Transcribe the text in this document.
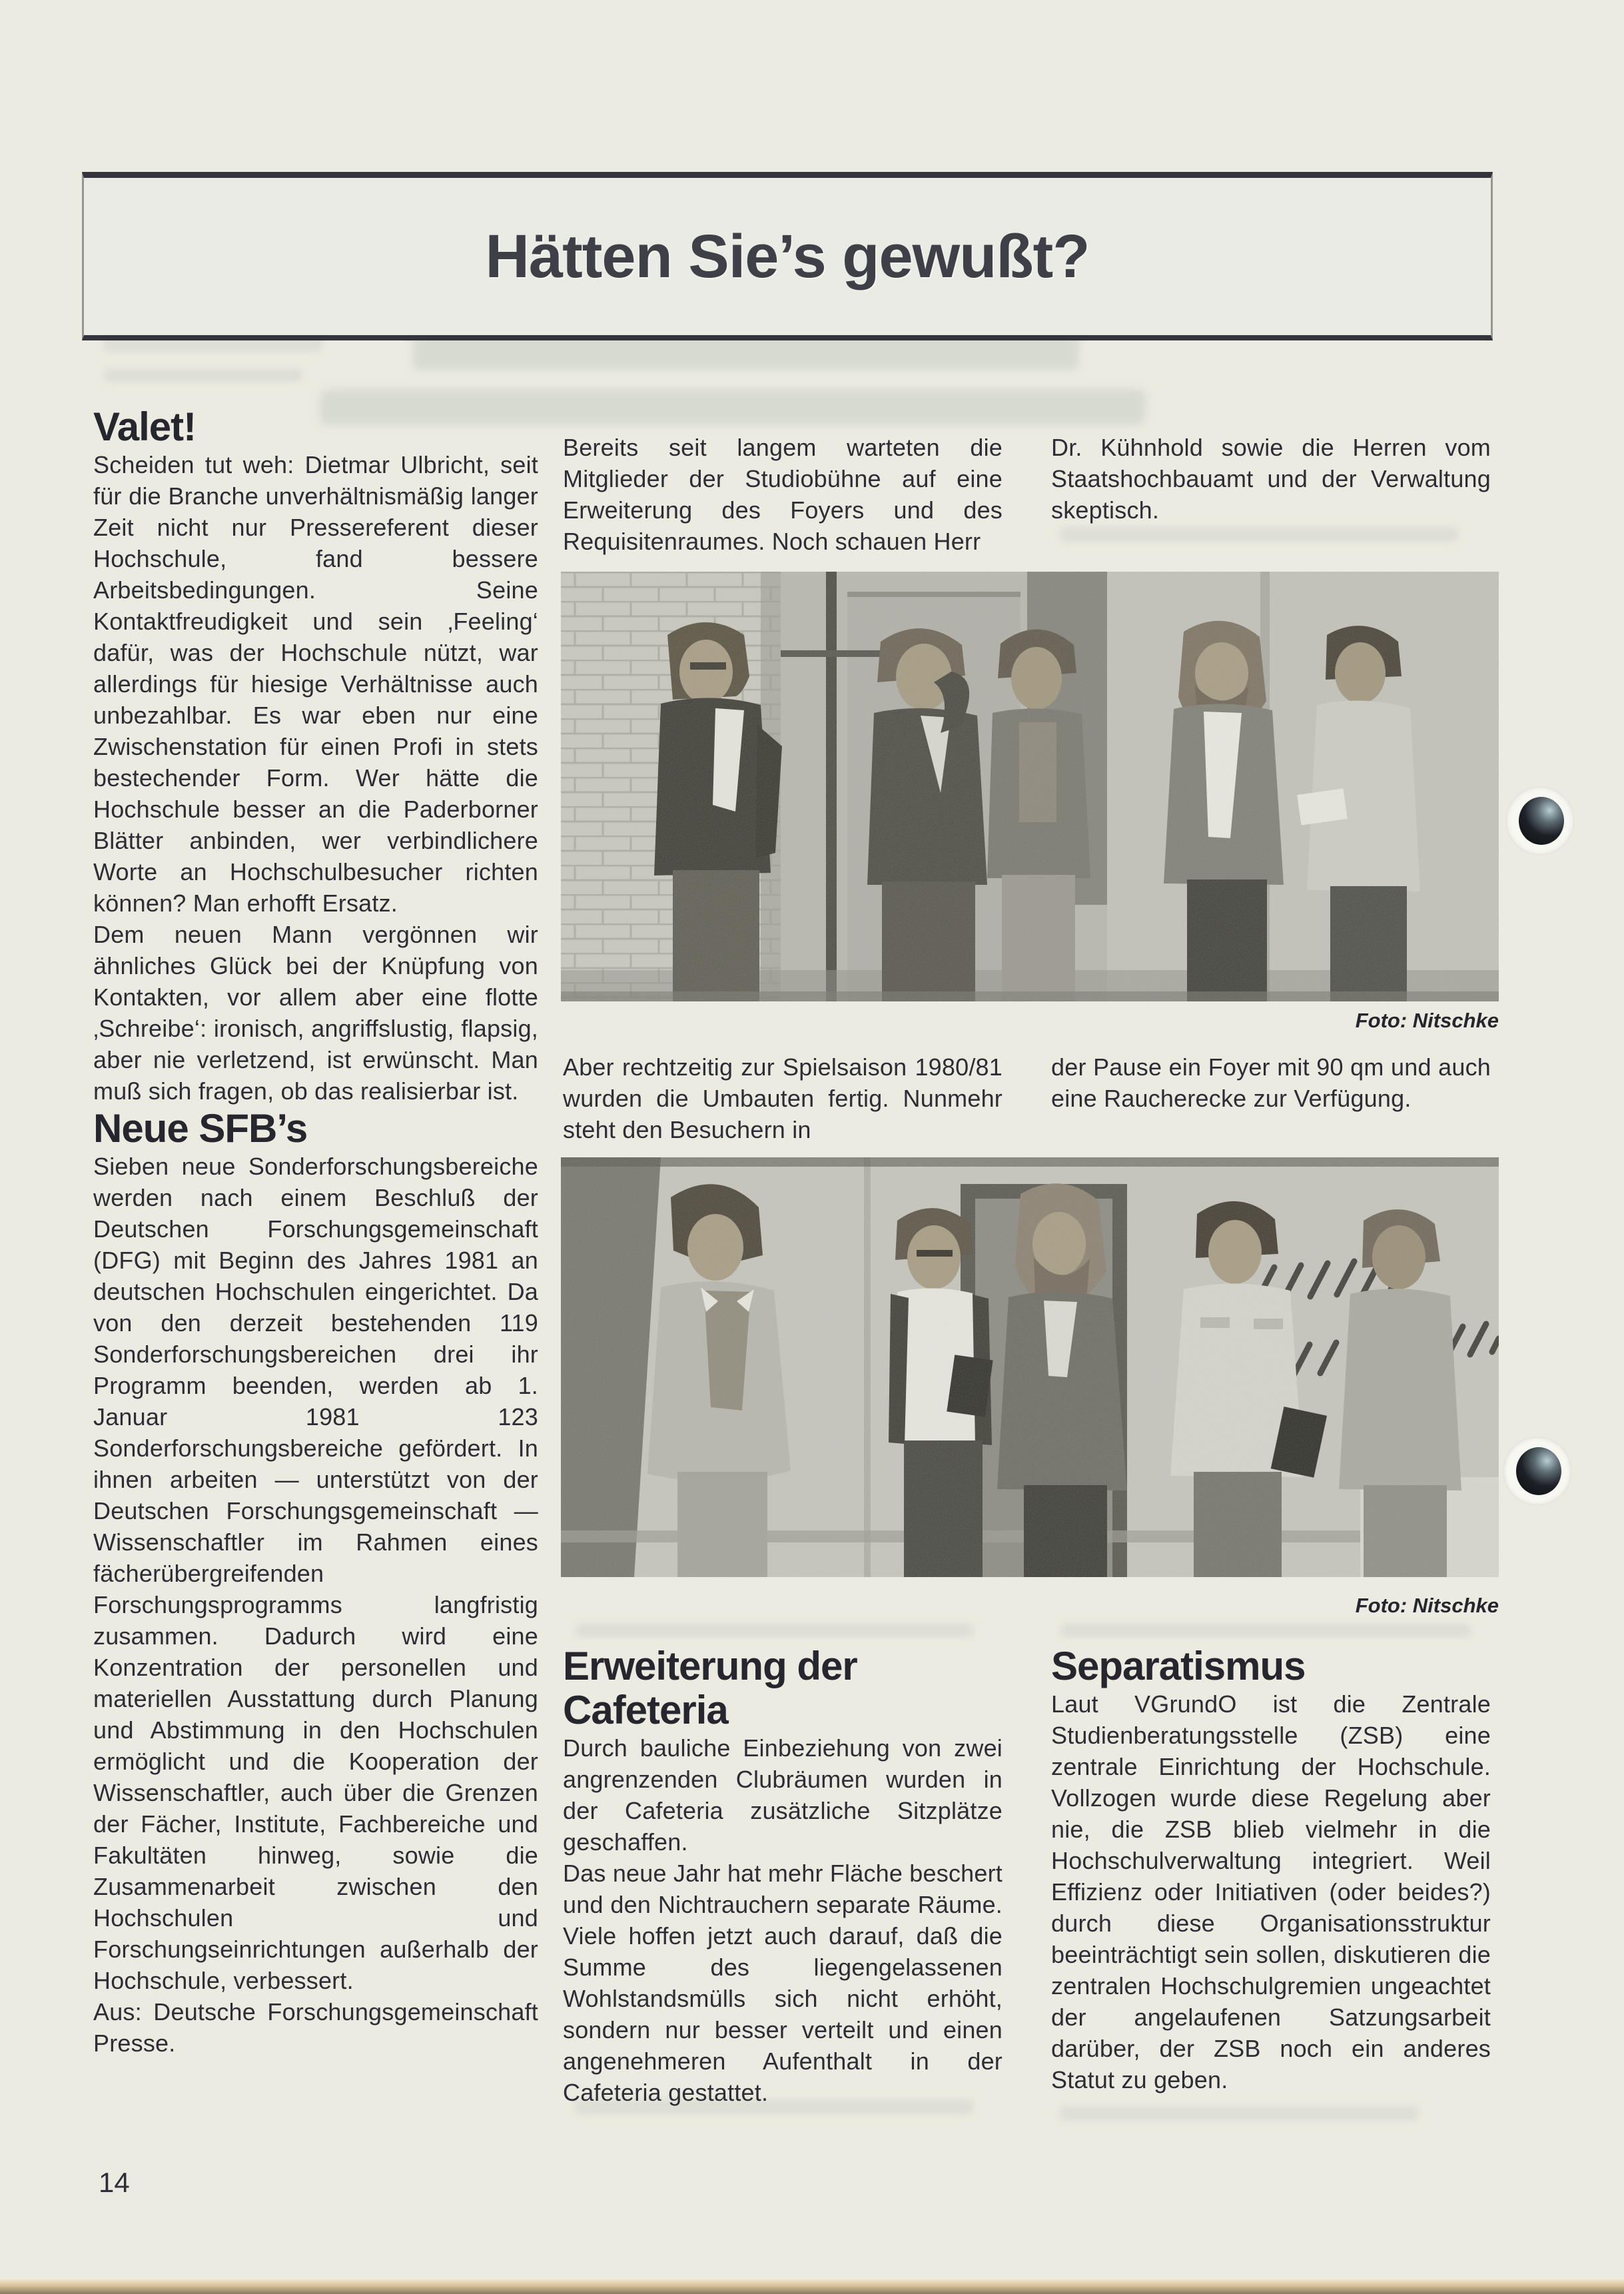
Hätten Sie’s gewußt?
Valet!

Scheiden tut weh: Dietmar Ulbricht, seit für die Branche unverhältnismäßig langer Zeit nicht nur Pressereferent dieser Hochschule, fand bessere Arbeitsbedingungen. Seine Kontaktfreudigkeit und sein ‚Feeling‘ dafür, was der Hochschule nützt, war allerdings für hiesige Verhältnisse auch unbezahlbar. Es war eben nur eine Zwischenstation für einen Profi in stets bestechender Form. Wer hätte die Hochschule besser an die Paderborner Blätter anbinden, wer verbindlichere Worte an Hochschulbesucher richten können? Man erhofft Ersatz.

Dem neuen Mann vergönnen wir ähnliches Glück bei der Knüpfung von Kontakten, vor allem aber eine flotte ‚Schreibe‘: ironisch, angriffslustig, flapsig, aber nie verletzend, ist erwünscht. Man muß sich fragen, ob das realisierbar ist.

Neue SFB’s

Sieben neue Sonderforschungsbereiche werden nach einem Beschluß der Deutschen Forschungsgemeinschaft (DFG) mit Beginn des Jahres 1981 an deutschen Hochschulen eingerichtet. Da von den derzeit bestehenden 119 Sonderforschungsbereichen drei ihr Programm beenden, werden ab 1. Januar 1981 123 Sonderforschungsbereiche gefördert. In ihnen arbeiten — unterstützt von der Deutschen Forschungsgemeinschaft — Wissenschaftler im Rahmen eines fächerübergreifenden Forschungsprogramms langfristig zusammen. Dadurch wird eine Konzentration der personellen und materiellen Ausstattung durch Planung und Abstimmung in den Hochschulen ermöglicht und die Kooperation der Wissenschaftler, auch über die Grenzen der Fächer, Institute, Fachbereiche und Fakultäten hinweg, sowie die Zusammenarbeit zwischen den Hochschulen und Forschungseinrichtungen außerhalb der Hochschule, verbessert.

Aus: Deutsche Forschungsgemeinschaft Presse.

Bereits seit langem warteten die Mitglieder der Studiobühne auf eine Erweiterung des Foyers und des Requisitenraumes. Noch schauen Herr

Dr. Kühnhold sowie die Herren vom Staatshochbauamt und der Verwaltung skeptisch.

Foto: Nitschke

Aber rechtzeitig zur Spielsaison 1980/81 wurden die Umbauten fertig. Nunmehr steht den Besuchern in

der Pause ein Foyer mit 90 qm und auch eine Raucherecke zur Verfügung.

Foto: Nitschke
Erweiterung der Cafeteria

Durch bauliche Einbeziehung von zwei angrenzenden Clubräumen wurden in der Cafeteria zusätzliche Sitzplätze geschaffen.

Das neue Jahr hat mehr Fläche beschert und den Nichtrauchern separate Räume. Viele hoffen jetzt auch darauf, daß die Summe des liegengelassenen Wohlstandsmülls sich nicht erhöht, sondern nur besser verteilt und einen angenehmeren Aufenthalt in der Cafeteria gestattet.

Separatismus

Laut VGrundO ist die Zentrale Studienberatungsstelle (ZSB) eine zentrale Einrichtung der Hochschule. Vollzogen wurde diese Regelung aber nie, die ZSB blieb vielmehr in die Hochschulverwaltung integriert. Weil Effizienz oder Initiativen (oder beides?) durch diese Organisationsstruktur beeinträchtigt sein sollen, diskutieren die zentralen Hochschulgremien ungeachtet der angelaufenen Satzungsarbeit darüber, der ZSB noch ein anderes Statut zu geben.

14
